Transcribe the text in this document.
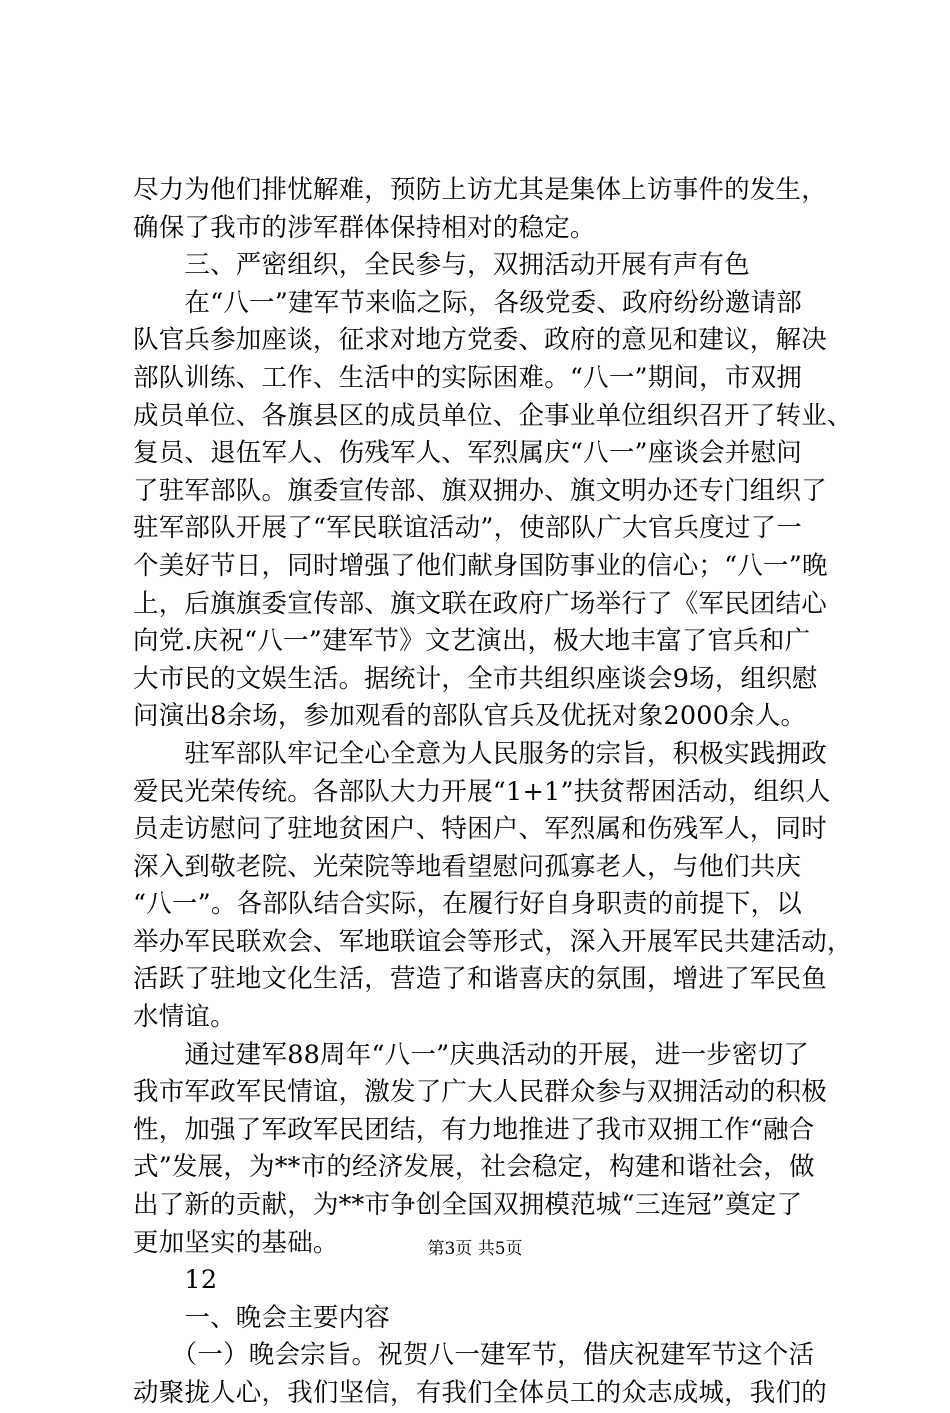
尽力为他们排忧解难，预防上访尤其是集体上访事件的发生，
确保了我市的涉军群体保持相对的稳定。
　　三、严密组织，全民参与，双拥活动开展有声有色
　　在“八一”建军节来临之际，各级党委、政府纷纷邀请部
队官兵参加座谈，征求对地方党委、政府的意见和建议，解决
部队训练、工作、生活中的实际困难。“八一”期间，市双拥
成员单位、各旗县区的成员单位、企事业单位组织召开了转业、
复员、退伍军人、伤残军人、军烈属庆“八一”座谈会并慰问
了驻军部队。旗委宣传部、旗双拥办、旗文明办还专门组织了
驻军部队开展了“军民联谊活动”，使部队广大官兵度过了一
个美好节日，同时增强了他们献身国防事业的信心；“八一”晚
上，后旗旗委宣传部、旗文联在政府广场举行了《军民团结心
向党.庆祝“八一”建军节》文艺演出，极大地丰富了官兵和广
大市民的文娱生活。据统计，全市共组织座谈会9场，组织慰
问演出8余场，参加观看的部队官兵及优抚对象2000余人。
　　驻军部队牢记全心全意为人民服务的宗旨，积极实践拥政
爱民光荣传统。各部队大力开展“1+1”扶贫帮困活动，组织人
员走访慰问了驻地贫困户、特困户、军烈属和伤残军人，同时
深入到敬老院、光荣院等地看望慰问孤寡老人，与他们共庆
“八一”。各部队结合实际，在履行好自身职责的前提下，以
举办军民联欢会、军地联谊会等形式，深入开展军民共建活动，
活跃了驻地文化生活，营造了和谐喜庆的氛围，增进了军民鱼
水情谊。
　　通过建军88周年“八一”庆典活动的开展，进一步密切了
我市军政军民情谊，激发了广大人民群众参与双拥活动的积极
性，加强了军政军民团结，有力地推进了我市双拥工作“融合
式”发展，为**市的经济发展，社会稳定，构建和谐社会，做
出了新的贡献，为**市争创全国双拥模范城“三连冠”奠定了
更加坚实的基础。
　　12
　　一、晚会主要内容
　　（一）晚会宗旨。祝贺八一建军节，借庆祝建军节这个活
动聚拢人心，我们坚信，有我们全体员工的众志成城，我们的
第3页 共5页
